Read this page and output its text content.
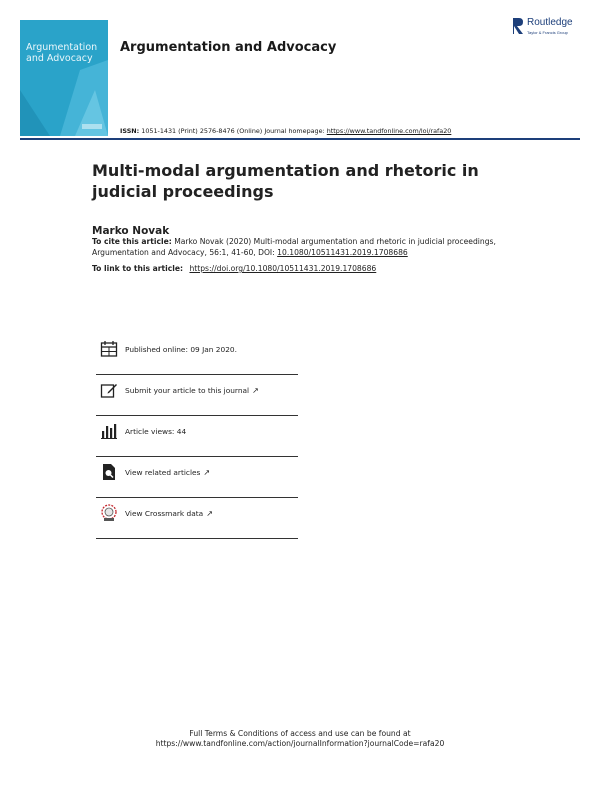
Argumentation and Advocacy
Argumentation and Advocacy
Routledge
Taylor & Francis Group
ISSN: 1051-1431 (Print) 2576-8476 (Online) Journal homepage: https://www.tandfonline.com/loi/rafa20
Multi-modal argumentation and rhetoric in judicial proceedings
Marko Novak
To cite this article: Marko Novak (2020) Multi-modal argumentation and rhetoric in judicial proceedings, Argumentation and Advocacy, 56:1, 41-60, DOI: 10.1080/10511431.2019.1708686
To link to this article: https://doi.org/10.1080/10511431.2019.1708686
Published online: 09 Jan 2020.
Submit your article to this journal ↗
Article views: 44
View related articles ↗
View Crossmark data ↗
Full Terms & Conditions of access and use can be found at
https://www.tandfonline.com/action/journalInformation?journalCode=rafa20
